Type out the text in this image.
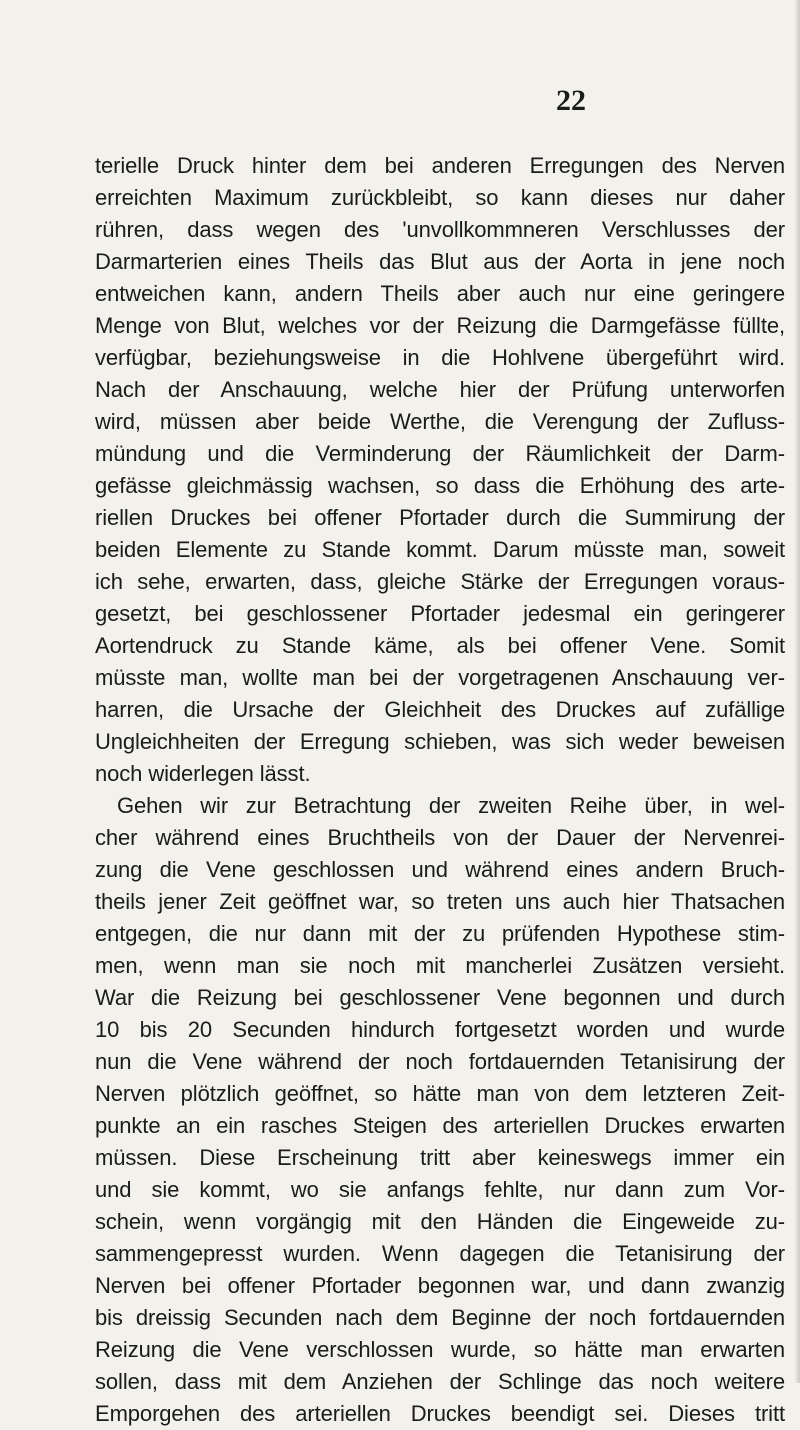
22
terielle Druck hinter dem bei anderen Erregungen des Nerven
erreichten Maximum zurückbleibt, so kann dieses nur daher
rühren, dass wegen des 'unvollkommneren Verschlusses der
Darmarterien eines Theils das Blut aus der Aorta in jene noch
entweichen kann, andern Theils aber auch nur eine geringere
Menge von Blut, welches vor der Reizung die Darmgefässe füllte,
verfügbar, beziehungsweise in die Hohlvene übergeführt wird.
Nach der Anschauung, welche hier der Prüfung unterworfen
wird, müssen aber beide Werthe, die Verengung der Zufluss-
mündung und die Verminderung der Räumlichkeit der Darm-
gefässe gleichmässig wachsen, so dass die Erhöhung des arte-
riellen Druckes bei offener Pfortader durch die Summirung der
beiden Elemente zu Stande kommt. Darum müsste man, soweit
ich sehe, erwarten, dass, gleiche Stärke der Erregungen voraus-
gesetzt, bei geschlossener Pfortader jedesmal ein geringerer
Aortendruck zu Stande käme, als bei offener Vene. Somit
müsste man, wollte man bei der vorgetragenen Anschauung ver-
harren, die Ursache der Gleichheit des Druckes auf zufällige
Ungleichheiten der Erregung schieben, was sich weder beweisen
noch widerlegen lässt.
Gehen wir zur Betrachtung der zweiten Reihe über, in wel-
cher während eines Bruchtheils von der Dauer der Nervenrei-
zung die Vene geschlossen und während eines andern Bruch-
theils jener Zeit geöffnet war, so treten uns auch hier Thatsachen
entgegen, die nur dann mit der zu prüfenden Hypothese stim-
men, wenn man sie noch mit mancherlei Zusätzen versieht.
War die Reizung bei geschlossener Vene begonnen und durch
10 bis 20 Secunden hindurch fortgesetzt worden und wurde
nun die Vene während der noch fortdauernden Tetanisirung der
Nerven plötzlich geöffnet, so hätte man von dem letzteren Zeit-
punkte an ein rasches Steigen des arteriellen Druckes erwarten
müssen. Diese Erscheinung tritt aber keineswegs immer ein
und sie kommt, wo sie anfangs fehlte, nur dann zum Vor-
schein, wenn vorgängig mit den Händen die Eingeweide zu-
sammengepresst wurden. Wenn dagegen die Tetanisirung der
Nerven bei offener Pfortader begonnen war, und dann zwanzig
bis dreissig Secunden nach dem Beginne der noch fortdauernden
Reizung die Vene verschlossen wurde, so hätte man erwarten
sollen, dass mit dem Anziehen der Schlinge das noch weitere
Emporgehen des arteriellen Druckes beendigt sei. Dieses tritt
